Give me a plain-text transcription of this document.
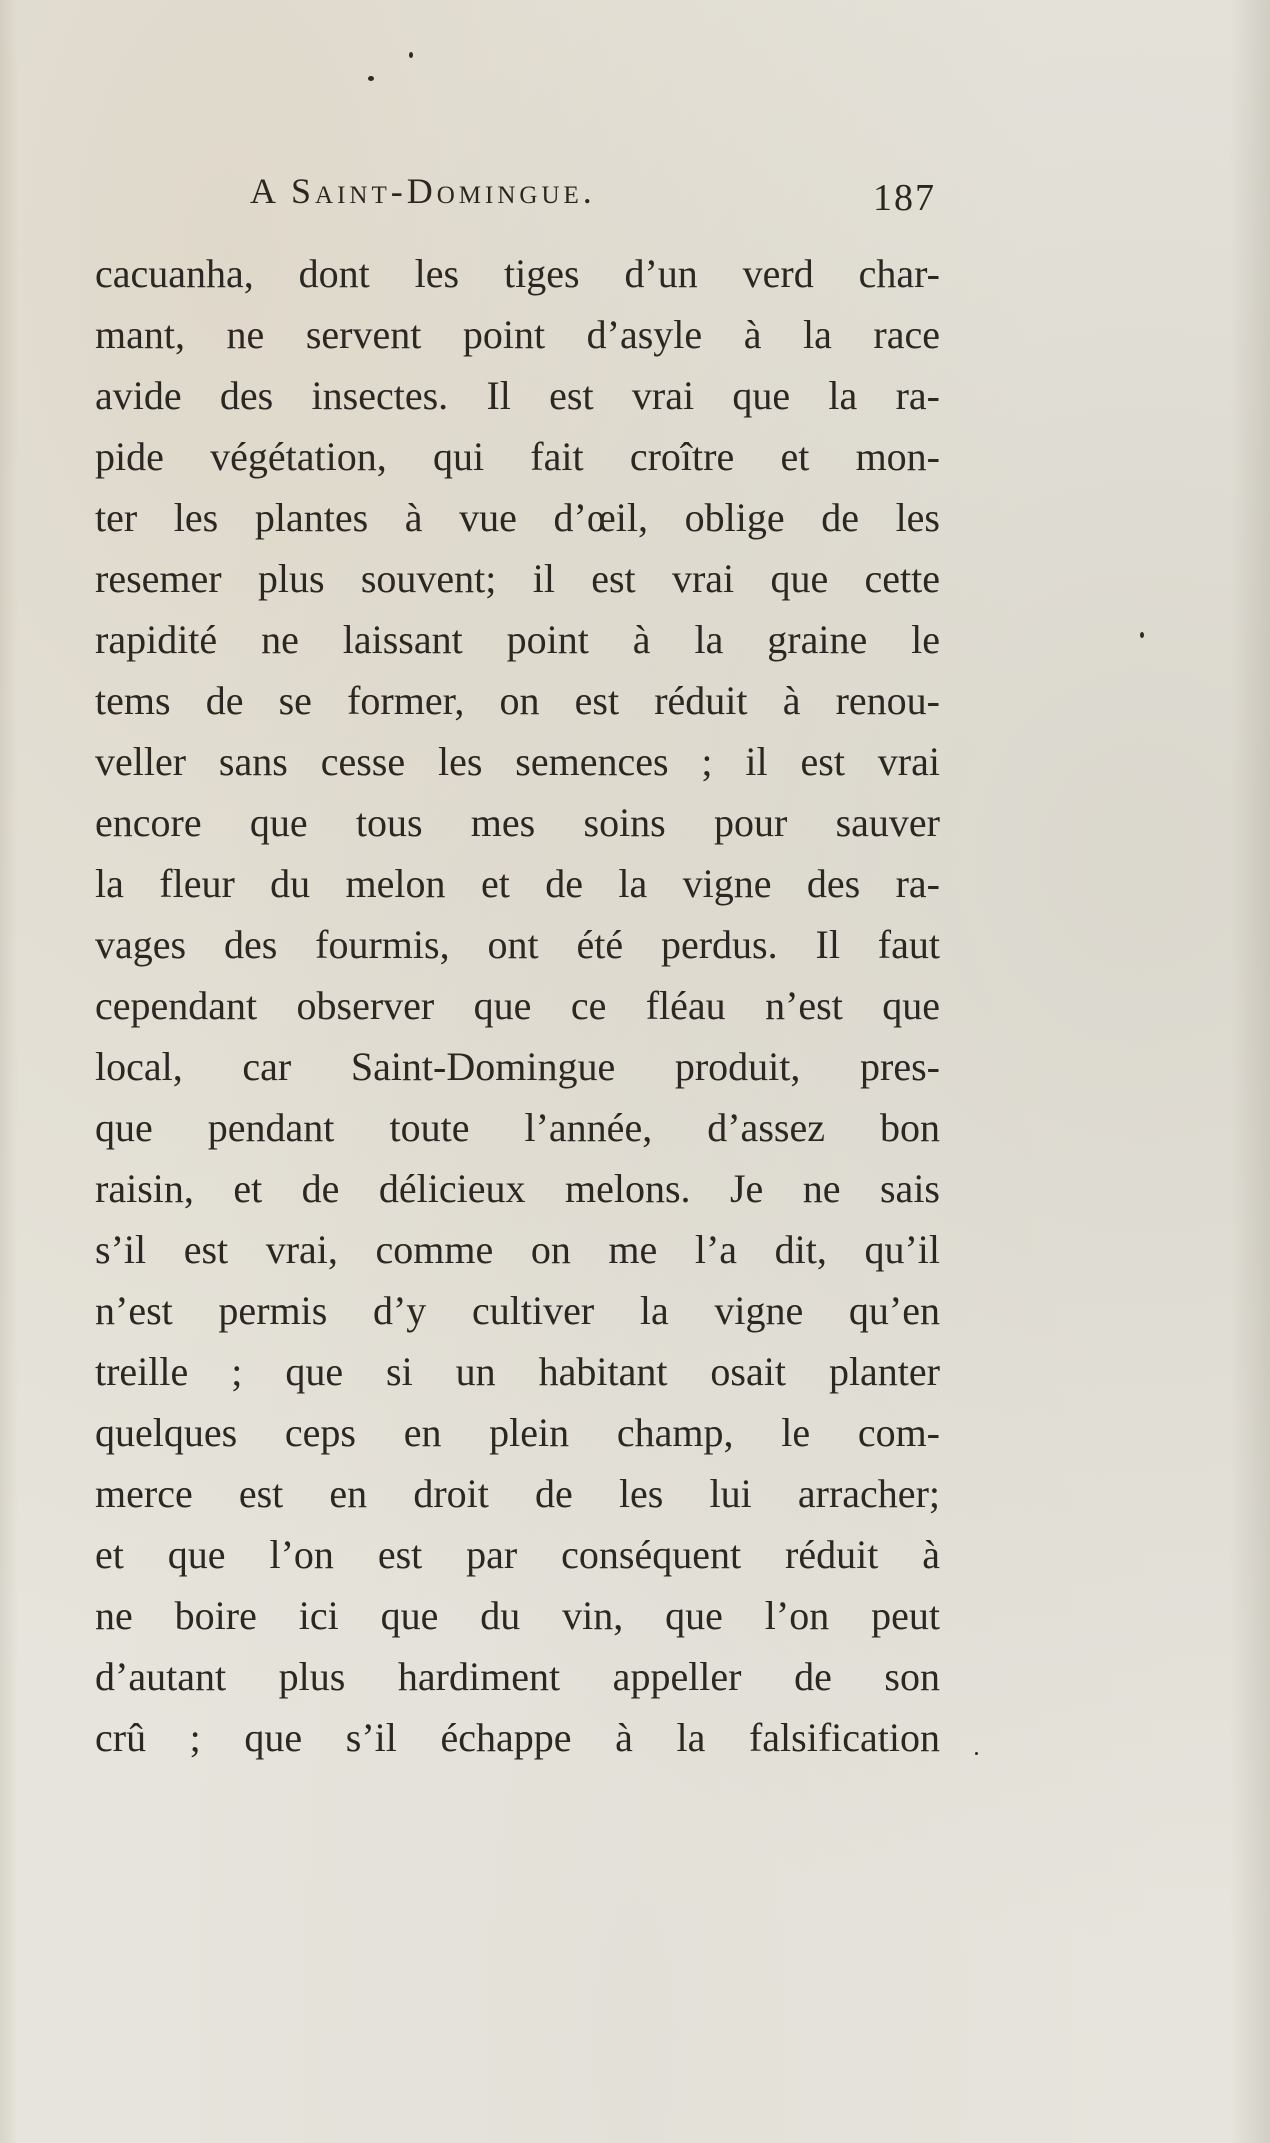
A Saint-Domingue.	187
cacuanha, dont les tiges d’un verd char-
mant, ne servent point d’asyle à la race
avide des insectes. Il est vrai que la ra-
pide végétation, qui fait croître et mon-
ter les plantes à vue d’œil, oblige de les
resemer plus souvent; il est vrai que cette
rapidité ne laissant point à la graine le
tems de se former, on est réduit à renou-
veller sans cesse les semences ; il est vrai
encore que tous mes soins pour sauver
la fleur du melon et de la vigne des ra-
vages des fourmis, ont été perdus. Il faut
cependant observer que ce fléau n’est que
local, car Saint-Domingue produit, pres-
que pendant toute l’année, d’assez bon
raisin, et de délicieux melons. Je ne sais
s’il est vrai, comme on me l’a dit, qu’il
n’est permis d’y cultiver la vigne qu’en
treille ; que si un habitant osait planter
quelques ceps en plein champ, le com-
merce est en droit de les lui arracher;
et que l’on est par conséquent réduit à
ne boire ici que du vin, que l’on peut
d’autant plus hardiment appeller de son
crû ; que s’il échappe à la falsification
